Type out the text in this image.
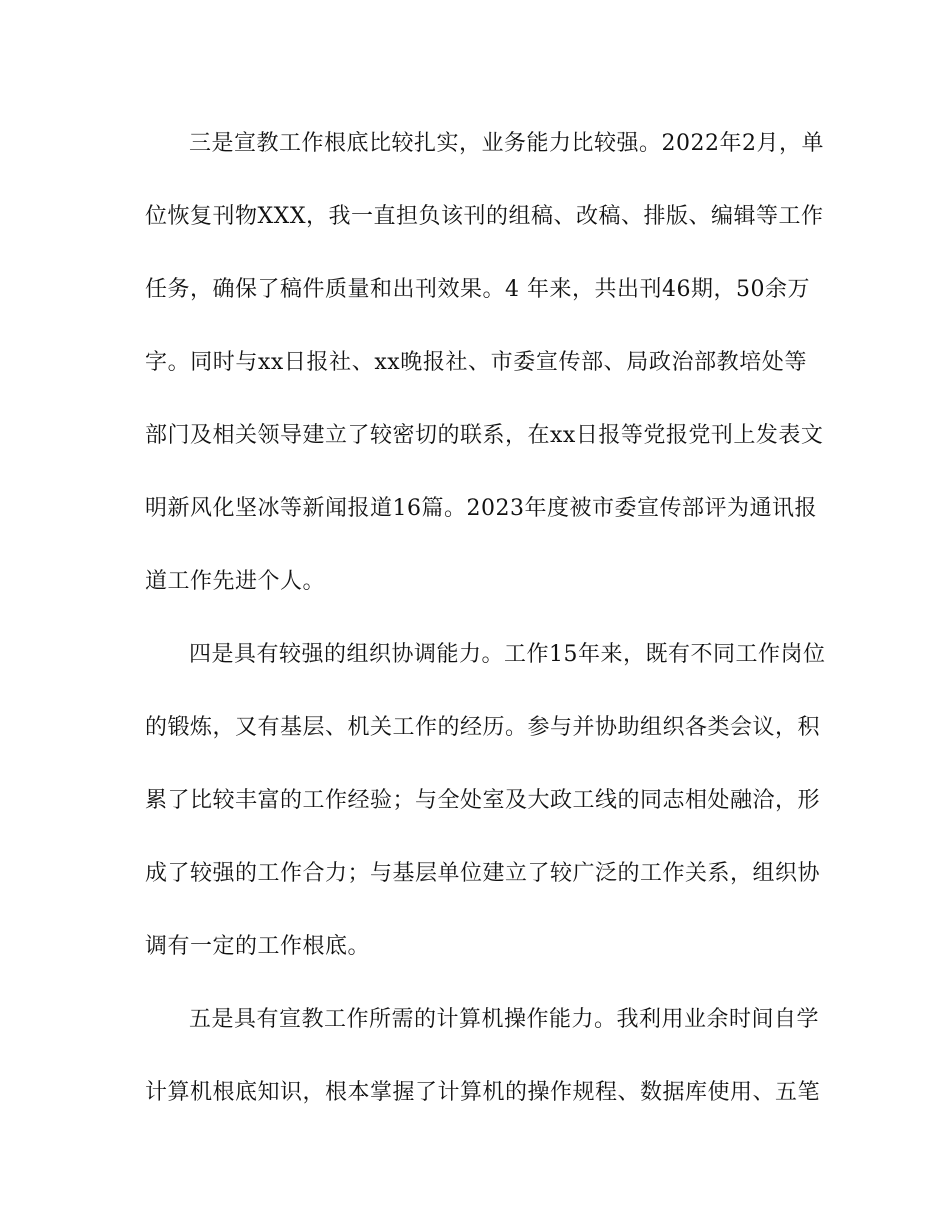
三是宣教工作根底比较扎实，业务能力比较强。2022年2月，单
位恢复刊物XXX，我一直担负该刊的组稿、改稿、排版、编辑等工作
任务，确保了稿件质量和出刊效果。4 年来，共出刊46期，50余万
字。同时与xx日报社、xx晚报社、市委宣传部、局政治部教培处等
部门及相关领导建立了较密切的联系，在xx日报等党报党刊上发表文
明新风化坚冰等新闻报道16篇。2023年度被市委宣传部评为通讯报
道工作先进个人。
四是具有较强的组织协调能力。工作15年来，既有不同工作岗位
的锻炼，又有基层、机关工作的经历。参与并协助组织各类会议，积
累了比较丰富的工作经验；与全处室及大政工线的同志相处融洽，形
成了较强的工作合力；与基层单位建立了较广泛的工作关系，组织协
调有一定的工作根底。
五是具有宣教工作所需的计算机操作能力。我利用业余时间自学
计算机根底知识，根本掌握了计算机的操作规程、数据库使用、五笔
